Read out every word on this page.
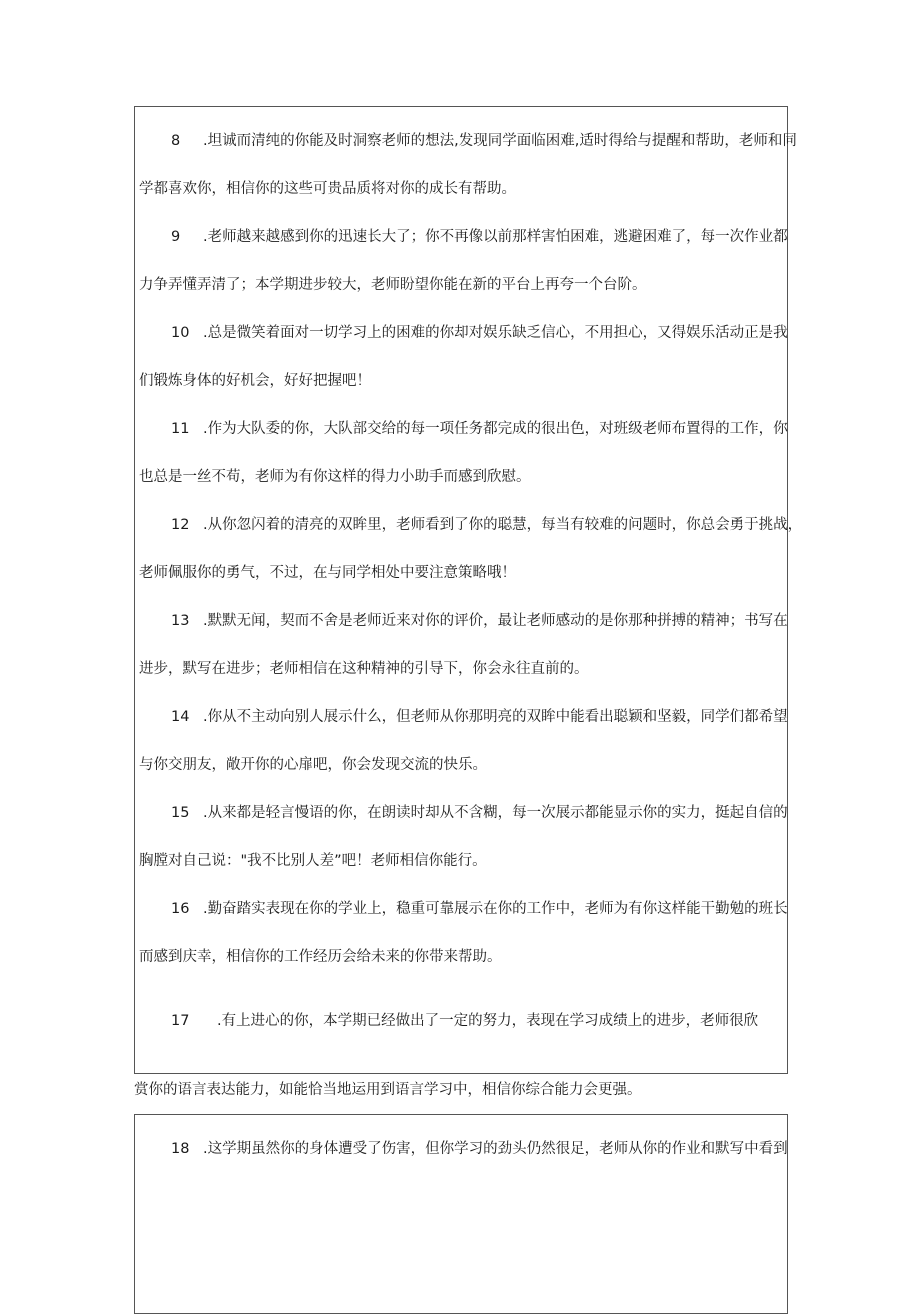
8 .坦诚而清纯的你能及时洞察老师的想法,发现同学面临困难,适时得给与提醒和帮助，老师和同
学都喜欢你，相信你的这些可贵品质将对你的成长有帮助。
9 .老师越来越感到你的迅速长大了；你不再像以前那样害怕困难，逃避困难了，每一次作业都
力争弄懂弄清了；本学期进步较大，老师盼望你能在新的平台上再夸一个台阶。
10 .总是微笑着面对一切学习上的困难的你却对娱乐缺乏信心，不用担心，又得娱乐活动正是我
们锻炼身体的好机会，好好把握吧！
11 .作为大队委的你，大队部交给的每一项任务都完成的很出色，对班级老师布置得的工作，你
也总是一丝不苟，老师为有你这样的得力小助手而感到欣慰。
12 .从你忽闪着的清亮的双眸里，老师看到了你的聪慧，每当有较难的问题时，你总会勇于挑战，
老师佩服你的勇气，不过，在与同学相处中要注意策略哦！
13 .默默无闻，契而不舍是老师近来对你的评价，最让老师感动的是你那种拼搏的精神；书写在
进步，默写在进步；老师相信在这种精神的引导下，你会永往直前的。
14 .你从不主动向别人展示什么，但老师从你那明亮的双眸中能看出聪颖和坚毅，同学们都希望
与你交朋友，敞开你的心扉吧，你会发现交流的快乐。
15 .从来都是轻言慢语的你，在朗读时却从不含糊，每一次展示都能显示你的实力，挺起自信的
胸膛对自己说："我不比别人差”吧！老师相信你能行。
16 .勤奋踏实表现在你的学业上，稳重可靠展示在你的工作中，老师为有你这样能干勤勉的班长
而感到庆幸，相信你的工作经历会给未来的你带来帮助。
17 .有上进心的你，本学期已经做出了一定的努力，表现在学习成绩上的进步，老师很欣
赏你的语言表达能力，如能恰当地运用到语言学习中，相信你综合能力会更强。
18 .这学期虽然你的身体遭受了伤害，但你学习的劲头仍然很足，老师从你的作业和默写中看到
